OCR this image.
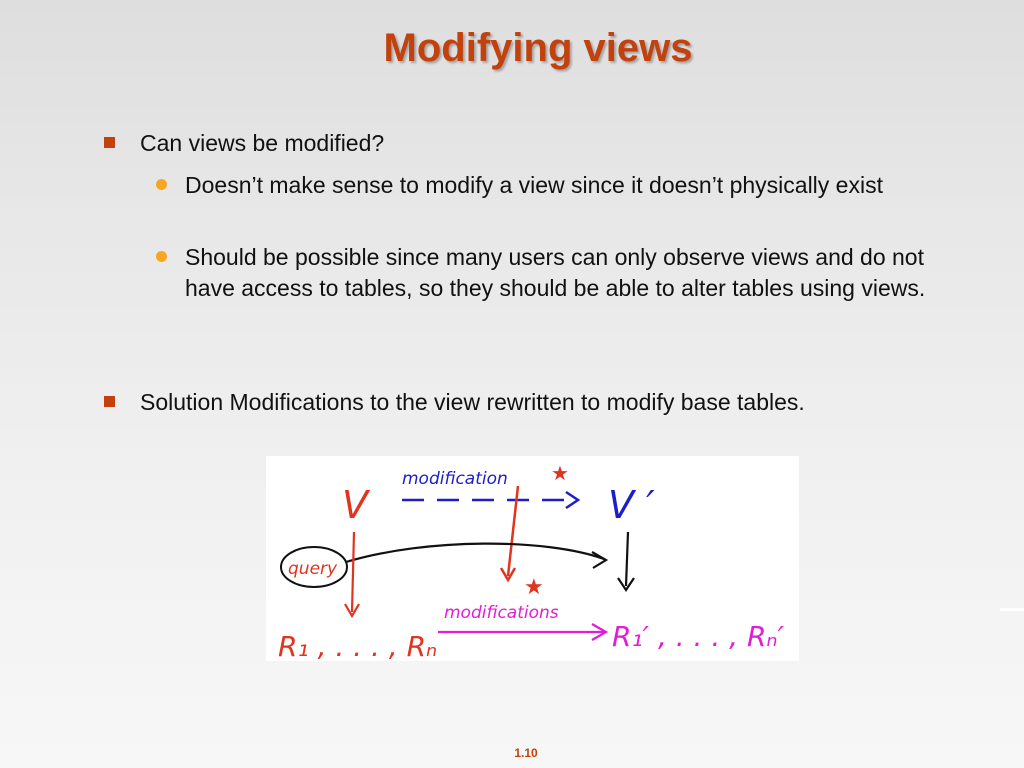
Modifying views

Can views be modified?

Doesn’t make sense to modify a view since it doesn’t physically exist

Should be possible since many users can only observe views and do not have access to tables, so they should be able to alter tables using views.

Solution Modifications to the view rewritten to modify base tables.

modification ★
V	V ′
★
query
modifications
R₁ , . . . , Rₙ	R₁′ , . . . , Rₙ′

1.10
